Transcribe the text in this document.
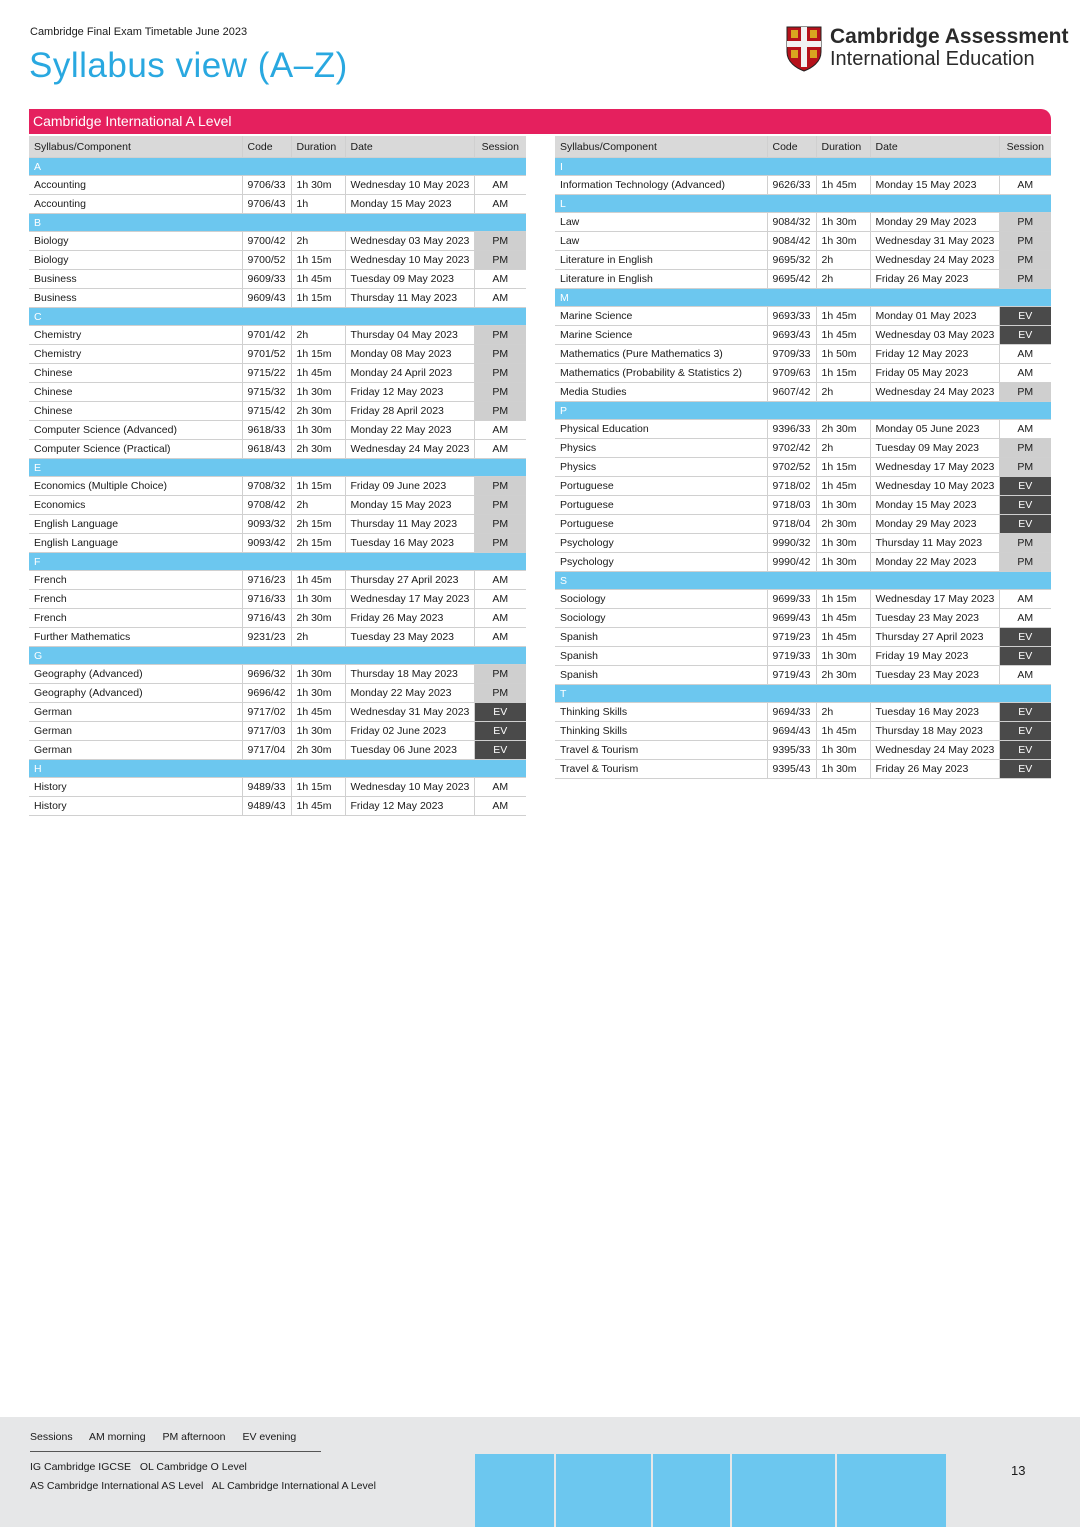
Cambridge Final Exam Timetable June 2023
Syllabus view (A–Z)
Cambridge Assessment
International Education
Cambridge International A Level
Syllabus/Component	Code	Duration	Date	Session
A				
Accounting	9706/33	1h 30m	Wednesday 10 May 2023	AM
Accounting	9706/43	1h	Monday 15 May 2023	AM
B				
Biology	9700/42	2h	Wednesday 03 May 2023	PM
Biology	9700/52	1h 15m	Wednesday 10 May 2023	PM
Business	9609/33	1h 45m	Tuesday 09 May 2023	AM
Business	9609/43	1h 15m	Thursday 11 May 2023	AM
C				
Chemistry	9701/42	2h	Thursday 04 May 2023	PM
Chemistry	9701/52	1h 15m	Monday 08 May 2023	PM
Chinese	9715/22	1h 45m	Monday 24 April 2023	PM
Chinese	9715/32	1h 30m	Friday 12 May 2023	PM
Chinese	9715/42	2h 30m	Friday 28 April 2023	PM
Computer Science (Advanced)	9618/33	1h 30m	Monday 22 May 2023	AM
Computer Science (Practical)	9618/43	2h 30m	Wednesday 24 May 2023	AM
E				
Economics (Multiple Choice)	9708/32	1h 15m	Friday 09 June 2023	PM
Economics	9708/42	2h	Monday 15 May 2023	PM
English Language	9093/32	2h 15m	Thursday 11 May 2023	PM
English Language	9093/42	2h 15m	Tuesday 16 May 2023	PM
F				
French	9716/23	1h 45m	Thursday 27 April 2023	AM
French	9716/33	1h 30m	Wednesday 17 May 2023	AM
French	9716/43	2h 30m	Friday 26 May 2023	AM
Further Mathematics	9231/23	2h	Tuesday 23 May 2023	AM
G				
Geography (Advanced)	9696/32	1h 30m	Thursday 18 May 2023	PM
Geography (Advanced)	9696/42	1h 30m	Monday 22 May 2023	PM
German	9717/02	1h 45m	Wednesday 31 May 2023	EV
German	9717/03	1h 30m	Friday 02 June 2023	EV
German	9717/04	2h 30m	Tuesday 06 June 2023	EV
H				
History	9489/33	1h 15m	Wednesday 10 May 2023	AM
History	9489/43	1h 45m	Friday 12 May 2023	AM
Syllabus/Component	Code	Duration	Date	Session
I				
Information Technology (Advanced)	9626/33	1h 45m	Monday 15 May 2023	AM
L				
Law	9084/32	1h 30m	Monday 29 May 2023	PM
Law	9084/42	1h 30m	Wednesday 31 May 2023	PM
Literature in English	9695/32	2h	Wednesday 24 May 2023	PM
Literature in English	9695/42	2h	Friday 26 May 2023	PM
M				
Marine Science	9693/33	1h 45m	Monday 01 May 2023	EV
Marine Science	9693/43	1h 45m	Wednesday 03 May 2023	EV
Mathematics (Pure Mathematics 3)	9709/33	1h 50m	Friday 12 May 2023	AM
Mathematics (Probability & Statistics 2)	9709/63	1h 15m	Friday 05 May 2023	AM
Media Studies	9607/42	2h	Wednesday 24 May 2023	PM
P				
Physical Education	9396/33	2h 30m	Monday 05 June 2023	AM
Physics	9702/42	2h	Tuesday 09 May 2023	PM
Physics	9702/52	1h 15m	Wednesday 17 May 2023	PM
Portuguese	9718/02	1h 45m	Wednesday 10 May 2023	EV
Portuguese	9718/03	1h 30m	Monday 15 May 2023	EV
Portuguese	9718/04	2h 30m	Monday 29 May 2023	EV
Psychology	9990/32	1h 30m	Thursday 11 May 2023	PM
Psychology	9990/42	1h 30m	Monday 22 May 2023	PM
S				
Sociology	9699/33	1h 15m	Wednesday 17 May 2023	AM
Sociology	9699/43	1h 45m	Tuesday 23 May 2023	AM
Spanish	9719/23	1h 45m	Thursday 27 April 2023	EV
Spanish	9719/33	1h 30m	Friday 19 May 2023	EV
Spanish	9719/43	2h 30m	Tuesday 23 May 2023	AM
T				
Thinking Skills	9694/33	2h	Tuesday 16 May 2023	EV
Thinking Skills	9694/43	1h 45m	Thursday 18 May 2023	EV
Travel & Tourism	9395/33	1h 30m	Wednesday 24 May 2023	EV
Travel & Tourism	9395/43	1h 30m	Friday 26 May 2023	EV
Sessions AM morning PM afternoon EV evening
IG Cambridge IGCSE OL Cambridge O Level
AS Cambridge International AS Level AL Cambridge International A Level
13
